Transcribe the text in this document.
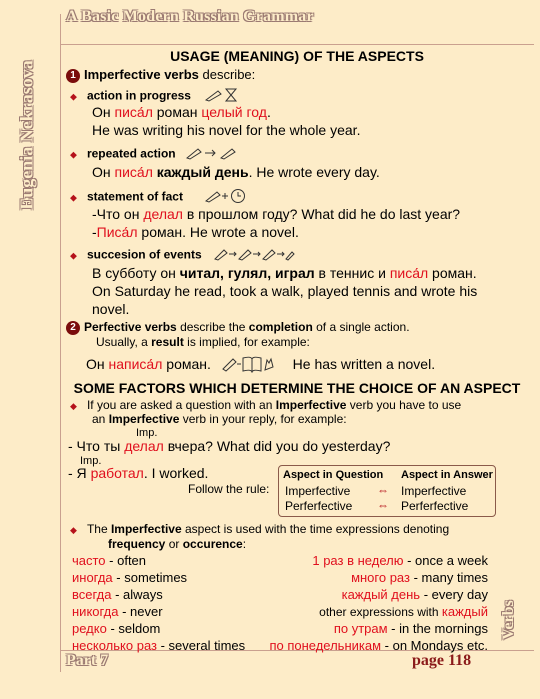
A Basic Modern Russian Grammar
Eugenia Nekrasova
Verbs
Part 7	page 118
USAGE (MEANING) OF THE ASPECTS
1 Imperfective verbs describe:
◆ action in progress
Он писа́л роман целый год.
He was writing his novel for the whole year.
◆ repeated action
Он писа́л каждый день. He wrote every day.
◆ statement of fact
-Что он делал в прошлом году? What did he do last year?
-Писа́л роман. He wrote a novel.
◆ succesion of events
В субботу он читал, гулял, играл в теннис и писа́л роман.
On Saturday he read, took a walk, played tennis and wrote his
novel.
2 Perfective verbs describe the completion of a single action.
Usually, a result is implied, for example:
Он написа́л роман.	He has written a novel.
SOME FACTORS WHICH DETERMINE THE CHOICE OF AN ASPECT
◆ If you are asked a question with an Imperfective verb you have to use
an Imperfective verb in your reply, for example:
Imp.
- Что ты делал вчера? What did you do yesterday?
Imp.
- Я работал. I worked.
Follow the rule:
Aspect in Question Aspect in Answer
Imperfective ⇔ Imperfective
Perferfective ⇔ Perferfective
◆ The Imperfective aspect is used with the time expressions denoting
frequency or occurence:
часто - often
иногда - sometimes
всегда - always
никогда - never
редко - seldom
несколько раз - several times
1 раз в неделю - once a week
много раз - many times
каждый день - every day
other expressions with каждый
по утрам - in the mornings
по понедельникам - on Mondays etc.
